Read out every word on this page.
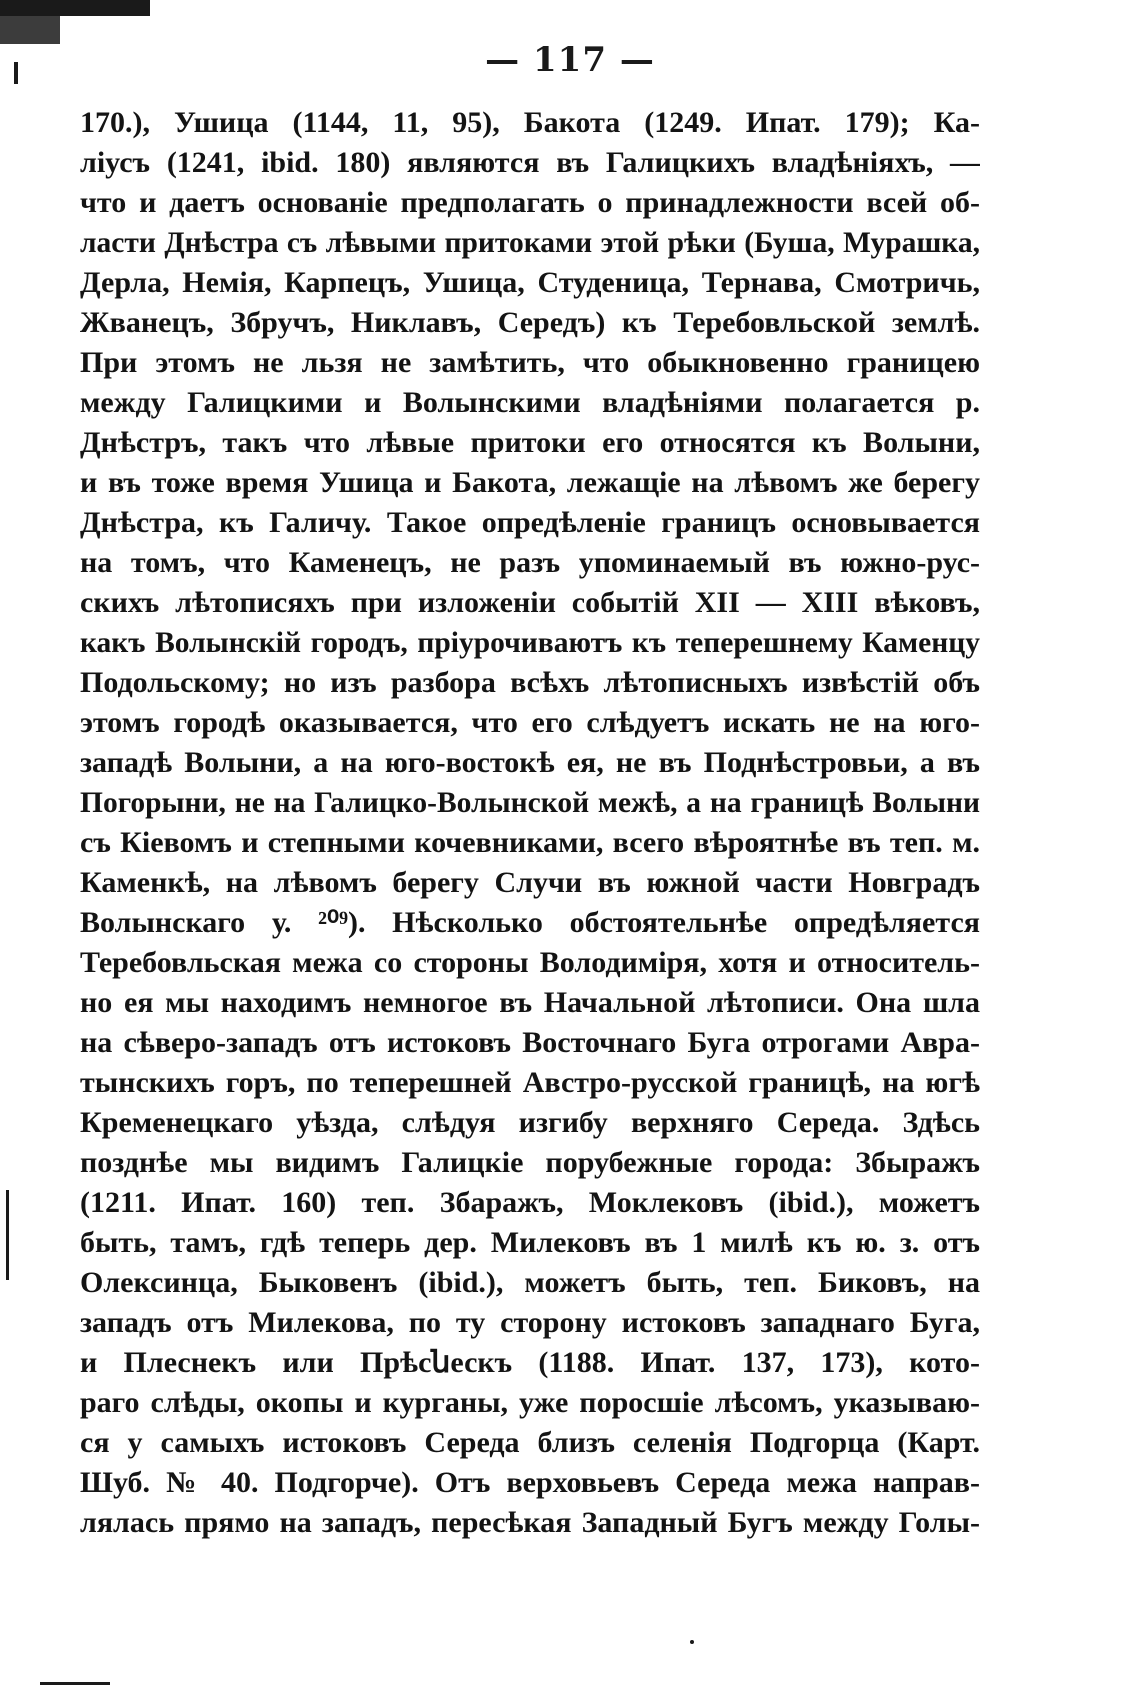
— 117 —
170.), Ушица (1144, 11, 95), Бакота (1249. Ипат. 179); Ка-
ліусъ (1241, ibid. 180) являются въ Галицкихъ владѣніяхъ, —
что и даетъ основаніе предполагать о принадлежности всей об-
ласти Днѣстра съ лѣвыми притоками этой рѣки (Буша, Мурашка,
Дерла, Немія, Карпецъ, Ушица, Студеница, Тернава, Смотричь,
Жванецъ, Збручъ, Никлавъ, Середъ) къ Теребовльской землѣ.
При этомъ не льзя не замѣтить, что обыкновенно границею
между Галицкими и Волынскими владѣніями полагается р.
Днѣстръ, такъ что лѣвые притоки его относятся къ Волыни,
и въ тоже время Ушица и Бакота, лежащіе на лѣвомъ же берегу
Днѣстра, къ Галичу. Такое опредѣленіе границъ основывается
на томъ, что Каменецъ, не разъ упоминаемый въ южно-рус-
скихъ лѣтописяхъ при изложеніи событій XII — XIII вѣковъ,
какъ Волынскій городъ, пріурочиваютъ къ теперешнему Каменцу
Подольскому; но изъ разбора всѣхъ лѣтописныхъ извѣстій объ
этомъ городѣ оказывается, что его слѣдуетъ искать не на юго-
западѣ Волыни, а на юго-востокѣ ея, не въ Поднѣстровьи, а въ
Погорыни, не на Галицко-Волынской межѣ, а на границѣ Волыни
съ Кіевомъ и степными кочевниками, всего вѣроятнѣе въ теп. м.
Каменкѣ, на лѣвомъ берегу Случи въ южной части Новградъ
Волынскаго у. ²⁰⁹). Нѣсколько обстоятельнѣе опредѣляется
Теребовльская межа со стороны Володиміря, хотя и относитель-
но ея мы находимъ немногое въ Начальной лѣтописи. Она шла
на сѣверо-западъ отъ истоковъ Восточнаго Буга отрогами Авра-
тынскихъ горъ, по теперешней Австро-русской границѣ, на югѣ
Кременецкаго уѣзда, слѣдуя изгибу верхняго Середа. Здѣсь
позднѣе мы видимъ Галицкіе порубежные города: Збыражъ
(1211. Ипат. 160) теп. Збаражъ, Моклековъ (ibid.), можетъ
быть, тамъ, гдѣ теперь дер. Милековъ въ 1 милѣ къ ю. з. отъ
Олексинца, Быковенъ (ibid.), можетъ быть, теп. Биковъ, на
западъ отъ Милекова, по ту сторону истоковъ западнаго Буга,
и Плеснекъ или Прѣсնескъ (1188. Ипат. 137, 173), кото-
раго слѣды, окопы и курганы, уже поросшіе лѣсомъ, указываю-
ся у самыхъ истоковъ Середа близъ селенія Подгорца (Карт.
Шуб. № 40. Подгорче). Отъ верховьевъ Середа межа направ-
лялась прямо на западъ, пересѣкая Западный Бугъ между Голы-
